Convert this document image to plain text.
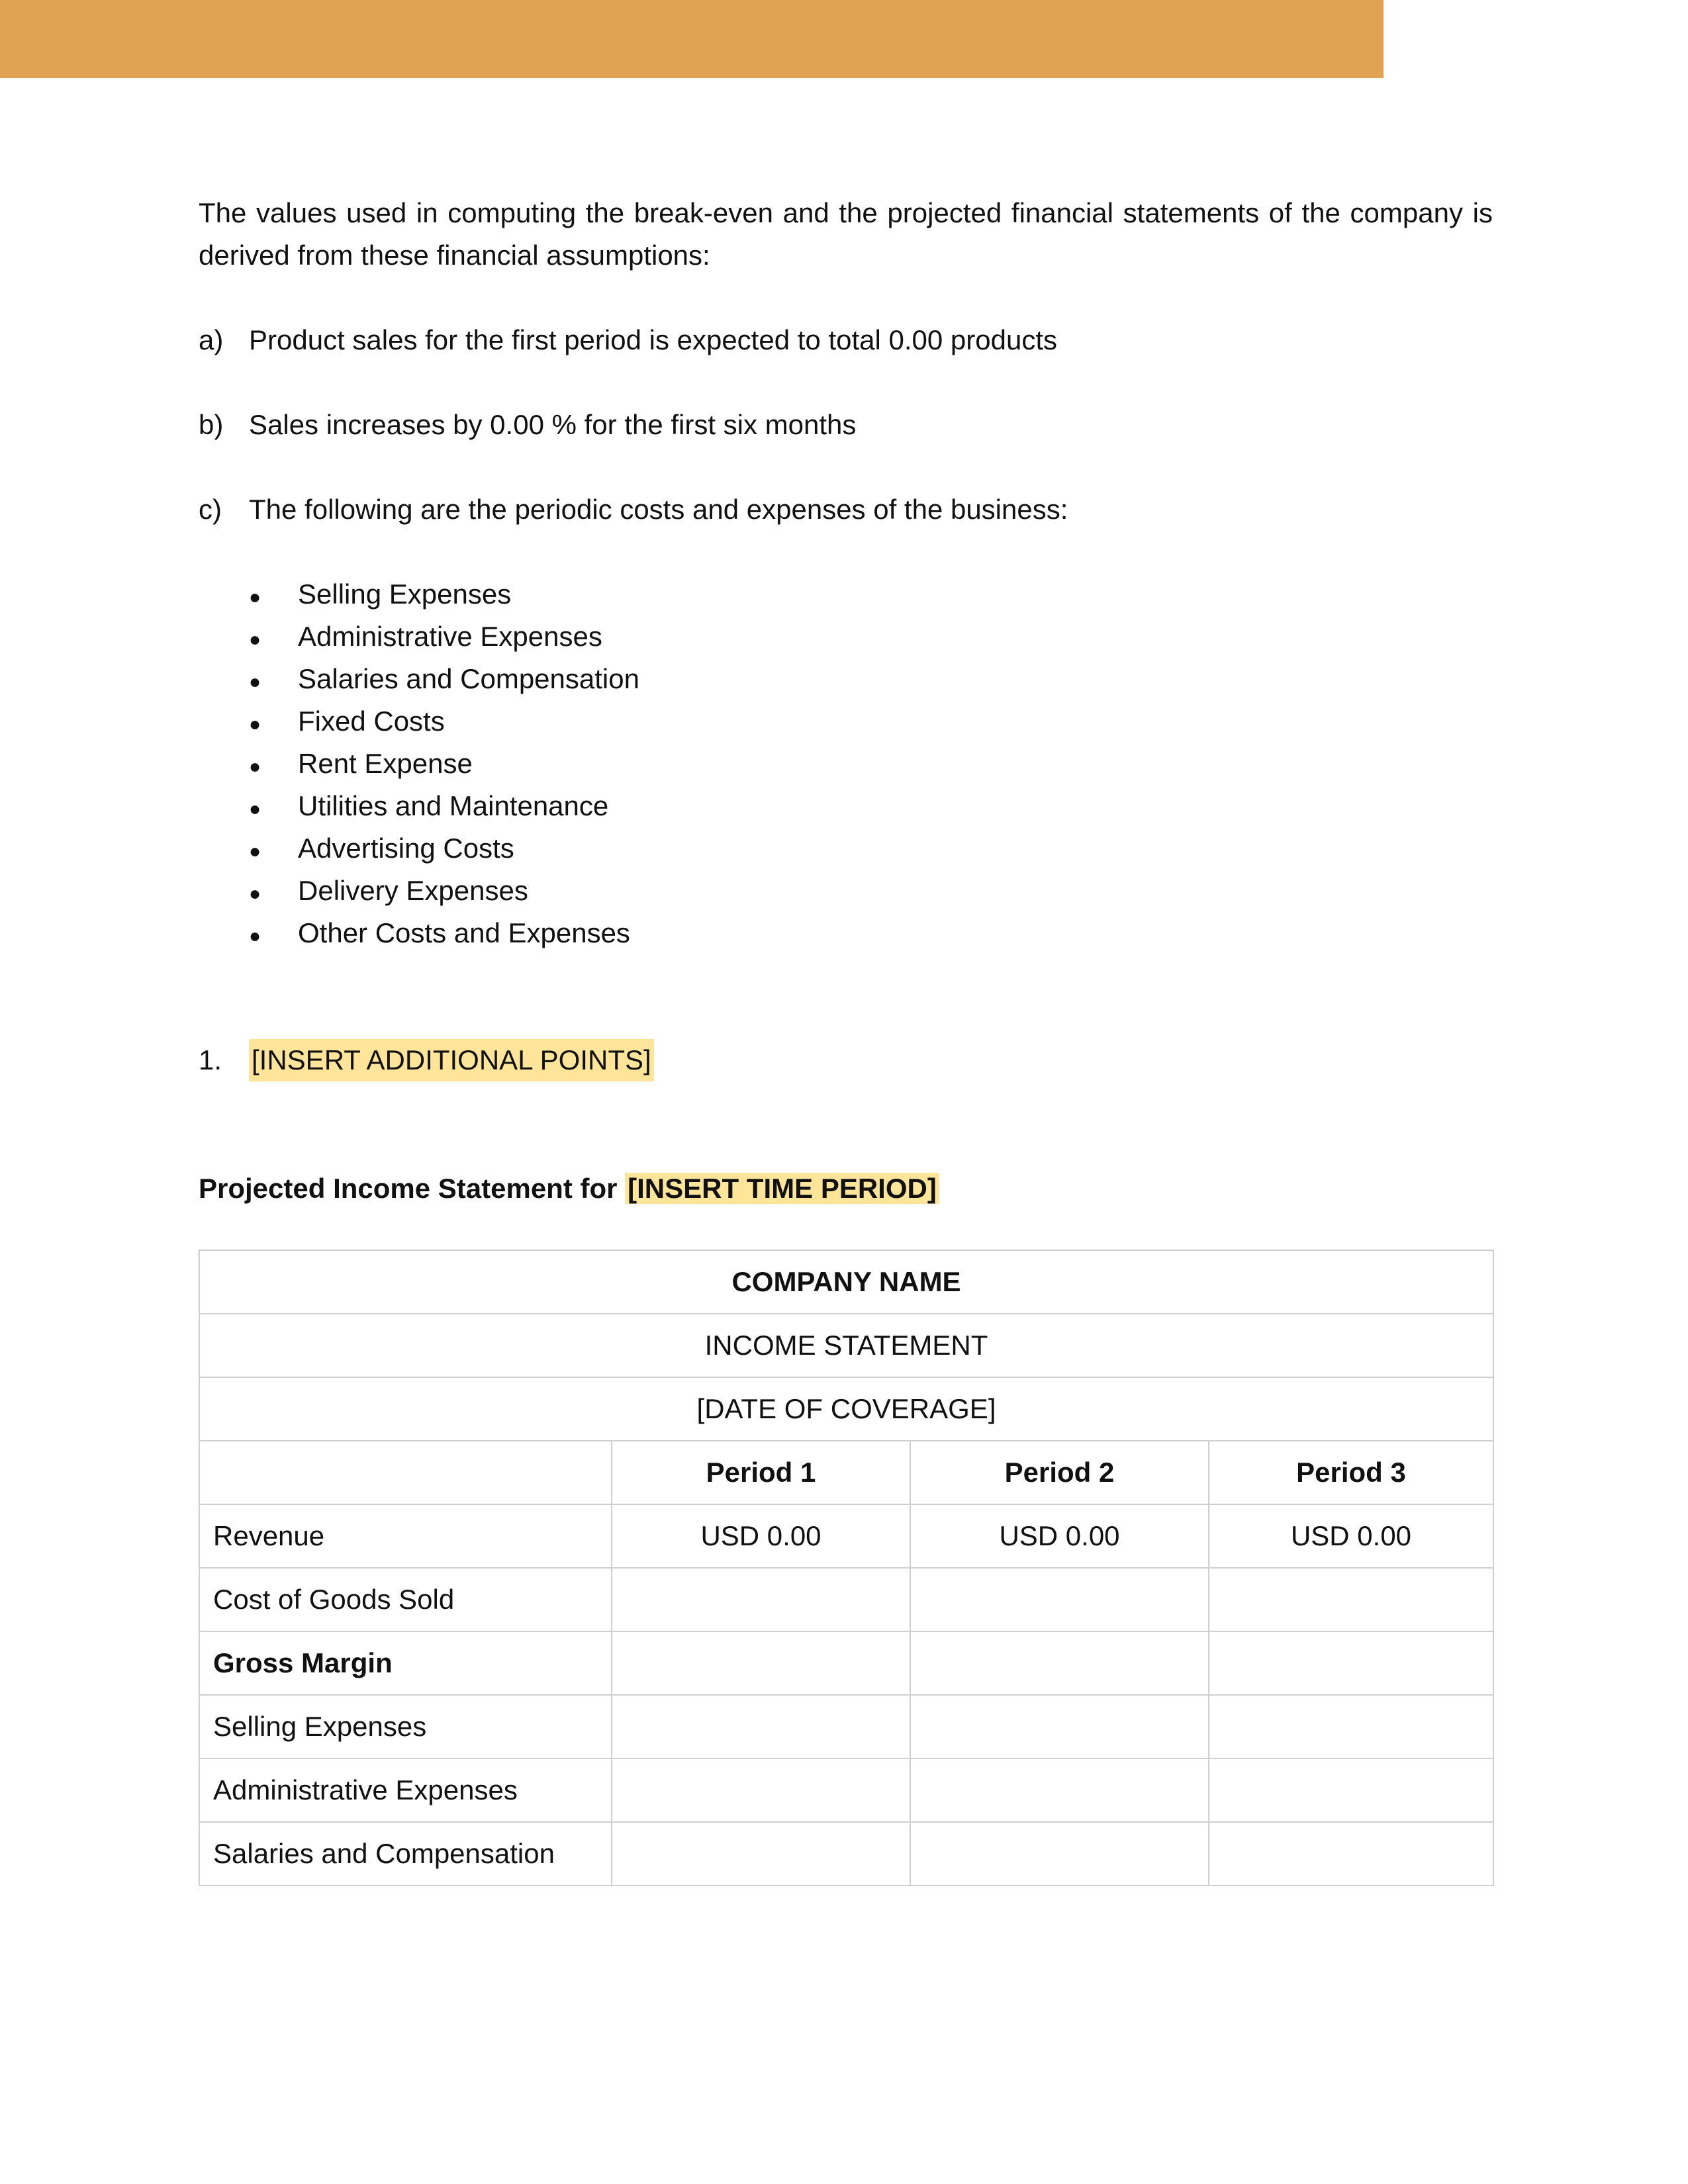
The values used in computing the break-even and the projected financial statements of the company is derived from these financial assumptions:

a) Product sales for the first period is expected to total 0.00 products
b) Sales increases by 0.00 % for the first six months
c) The following are the periodic costs and expenses of the business:
●	Selling Expenses
●	Administrative Expenses
●	Salaries and Compensation
●	Fixed Costs
●	Rent Expense
●	Utilities and Maintenance
●	Advertising Costs
●	Delivery Expenses
●	Other Costs and Expenses
1.	[INSERT ADDITIONAL POINTS]
Projected Income Statement for [INSERT TIME PERIOD]
COMPANY NAME			
INCOME STATEMENT			
[DATE OF COVERAGE]			
	Period 1	Period 2	Period 3
Revenue	USD 0.00	USD 0.00	USD 0.00
Cost of Goods Sold			
Gross Margin			
Selling Expenses			
Administrative Expenses			
Salaries and Compensation			
